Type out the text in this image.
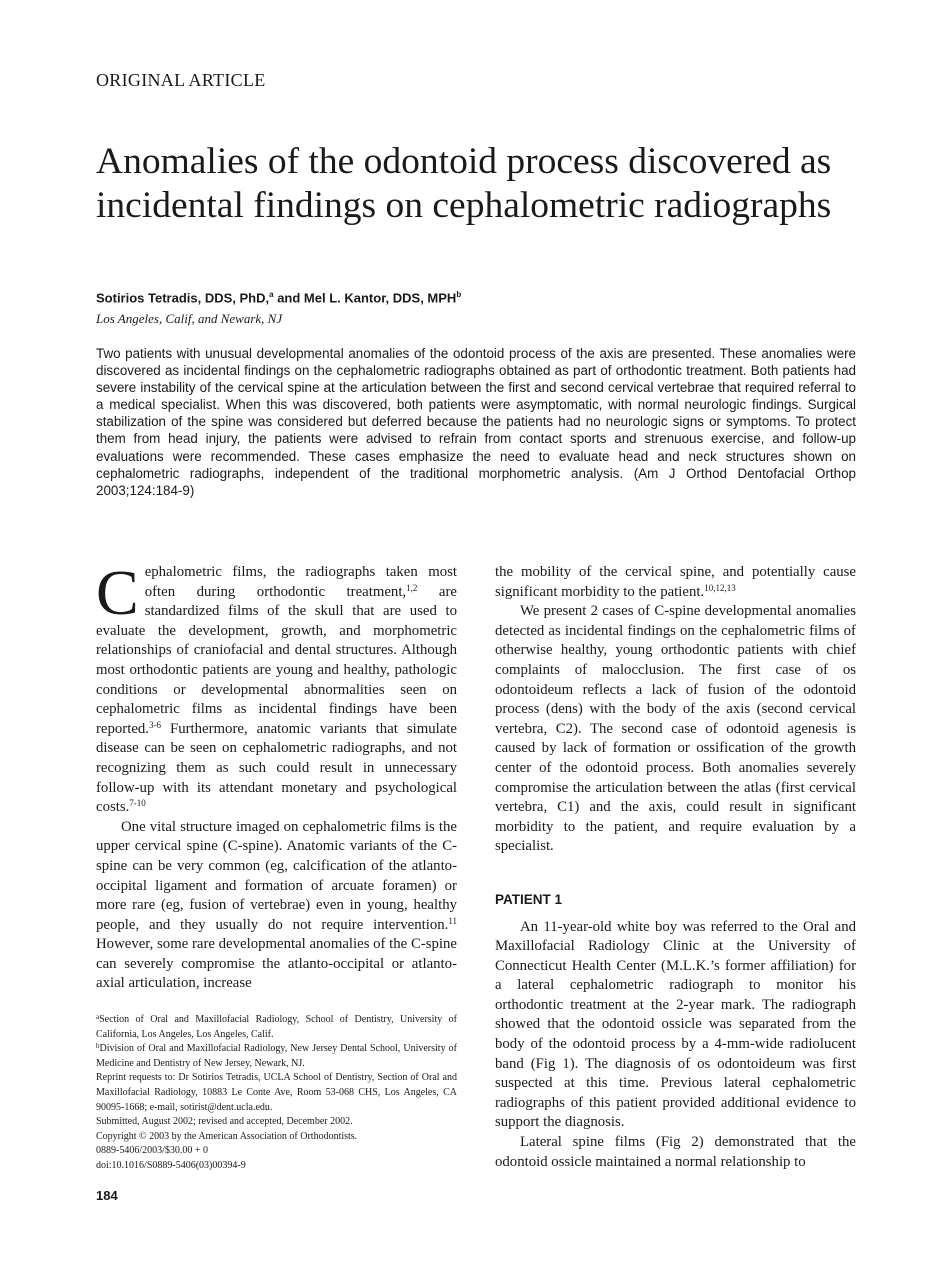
ORIGINAL ARTICLE
Anomalies of the odontoid process discovered as incidental findings on cephalometric radiographs
Sotirios Tetradis, DDS, PhD,$^a$ and Mel L. Kantor, DDS, MPH$^b$
Los Angeles, Calif, and Newark, NJ

Two patients with unusual developmental anomalies of the odontoid process of the axis are presented. These anomalies were discovered as incidental findings on the cephalometric radiographs obtained as part of orthodontic treatment. Both patients had severe instability of the cervical spine at the articulation between the first and second cervical vertebrae that required referral to a medical specialist. When this was discovered, both patients were asymptomatic, with normal neurologic findings. Surgical stabilization of the spine was considered but deferred because the patients had no neurologic signs or symptoms. To protect them from head injury, the patients were advised to refrain from contact sports and strenuous exercise, and follow-up evaluations were recommended. These cases emphasize the need to evaluate head and neck structures shown on cephalometric radiographs, independent of the traditional morphometric analysis. (Am J Orthod Dentofacial Orthop 2003;124:184-9)

Cephalometric films, the radiographs taken most often during orthodontic treatment,$^{1,2}$ are standardized films of the skull that are used to evaluate the development, growth, and morphometric relationships of craniofacial and dental structures. Although most orthodontic patients are young and healthy, pathologic conditions or developmental abnormalities seen on cephalometric films as incidental findings have been reported.$^{3-6}$ Furthermore, anatomic variants that simulate disease can be seen on cephalometric radiographs, and not recognizing them as such could result in unnecessary follow-up with its attendant monetary and psychological costs.$^{7-10}$

One vital structure imaged on cephalometric films is the upper cervical spine (C-spine). Anatomic variants of the C-spine can be very common (eg, calcification of the atlanto-occipital ligament and formation of arcuate foramen) or more rare (eg, fusion of vertebrae) even in young, healthy people, and they usually do not require intervention.$^{11}$ However, some rare developmental anomalies of the C-spine can severely compromise the atlanto-occipital or atlanto-axial articulation, increase

$^a$Section of Oral and Maxillofacial Radiology, School of Dentistry, University of California, Los Angeles, Los Angeles, Calif.
$^b$Division of Oral and Maxillofacial Radiology, New Jersey Dental School, University of Medicine and Dentistry of New Jersey, Newark, NJ.
Reprint requests to: Dr Sotirios Tetradis, UCLA School of Dentistry, Section of Oral and Maxillofacial Radiology, 10883 Le Conte Ave, Room 53-068 CHS, Los Angeles, CA 90095-1668; e-mail, sotirist@dent.ucla.edu.
Submitted, August 2002; revised and accepted, December 2002.
Copyright © 2003 by the American Association of Orthodontists.
0889-5406/2003/$30.00 + 0
doi:10.1016/S0889-5406(03)00394-9
184

the mobility of the cervical spine, and potentially cause significant morbidity to the patient.$^{10,12,13}$

We present 2 cases of C-spine developmental anomalies detected as incidental findings on the cephalometric films of otherwise healthy, young orthodontic patients with chief complaints of malocclusion. The first case of os odontoideum reflects a lack of fusion of the odontoid process (dens) with the body of the axis (second cervical vertebra, C2). The second case of odontoid agenesis is caused by lack of formation or ossification of the growth center of the odontoid process. Both anomalies severely compromise the articulation between the atlas (first cervical vertebra, C1) and the axis, could result in significant morbidity to the patient, and require evaluation by a specialist.

PATIENT 1

An 11-year-old white boy was referred to the Oral and Maxillofacial Radiology Clinic at the University of Connecticut Health Center (M.L.K.’s former affiliation) for a lateral cephalometric radiograph to monitor his orthodontic treatment at the 2-year mark. The radiograph showed that the odontoid ossicle was separated from the body of the odontoid process by a 4-mm-wide radiolucent band (Fig 1). The diagnosis of os odontoideum was first suspected at this time. Previous lateral cephalometric radiographs of this patient provided additional evidence to support the diagnosis.

Lateral spine films (Fig 2) demonstrated that the odontoid ossicle maintained a normal relationship to
